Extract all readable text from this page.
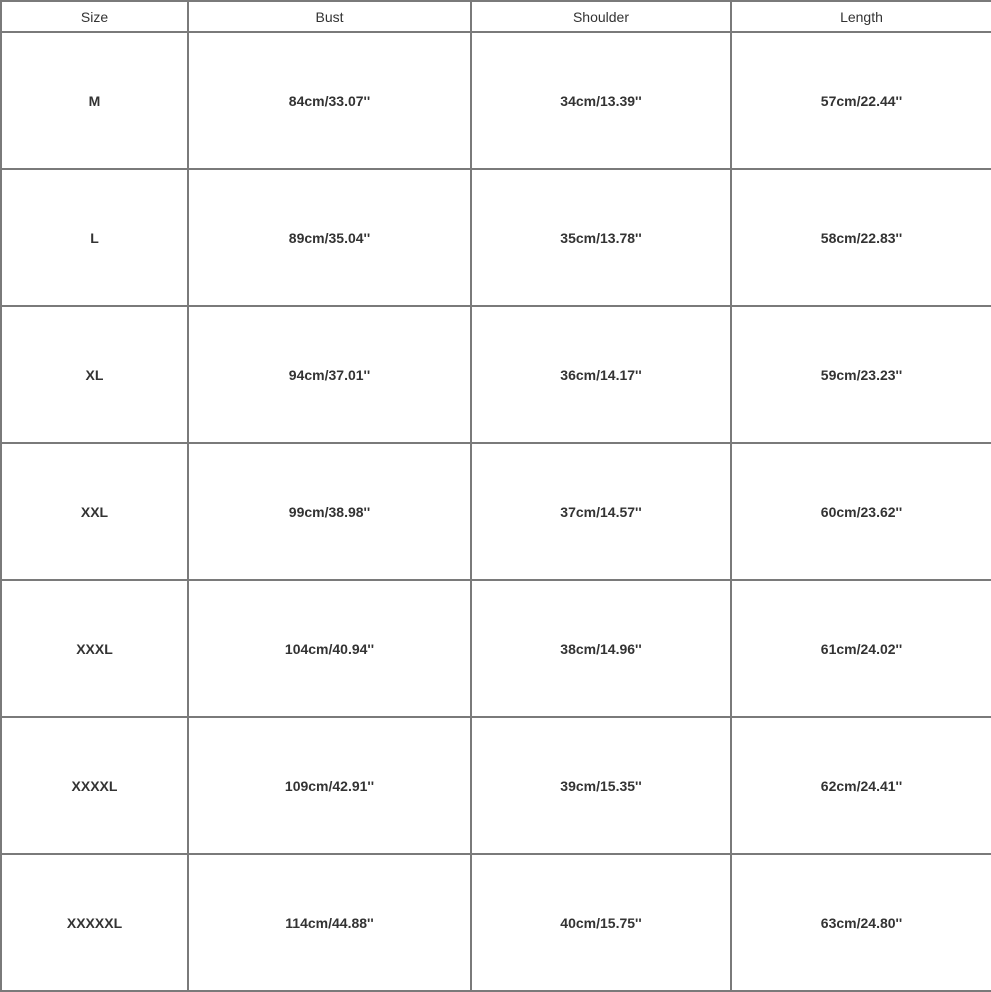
Size	Bust	Shoulder	Length
M	84cm/33.07''	34cm/13.39''	57cm/22.44''
L	89cm/35.04''	35cm/13.78''	58cm/22.83''
XL	94cm/37.01''	36cm/14.17''	59cm/23.23''
XXL	99cm/38.98''	37cm/14.57''	60cm/23.62''
XXXL	104cm/40.94''	38cm/14.96''	61cm/24.02''
XXXXL	109cm/42.91''	39cm/15.35''	62cm/24.41''
XXXXXL	114cm/44.88''	40cm/15.75''	63cm/24.80''
